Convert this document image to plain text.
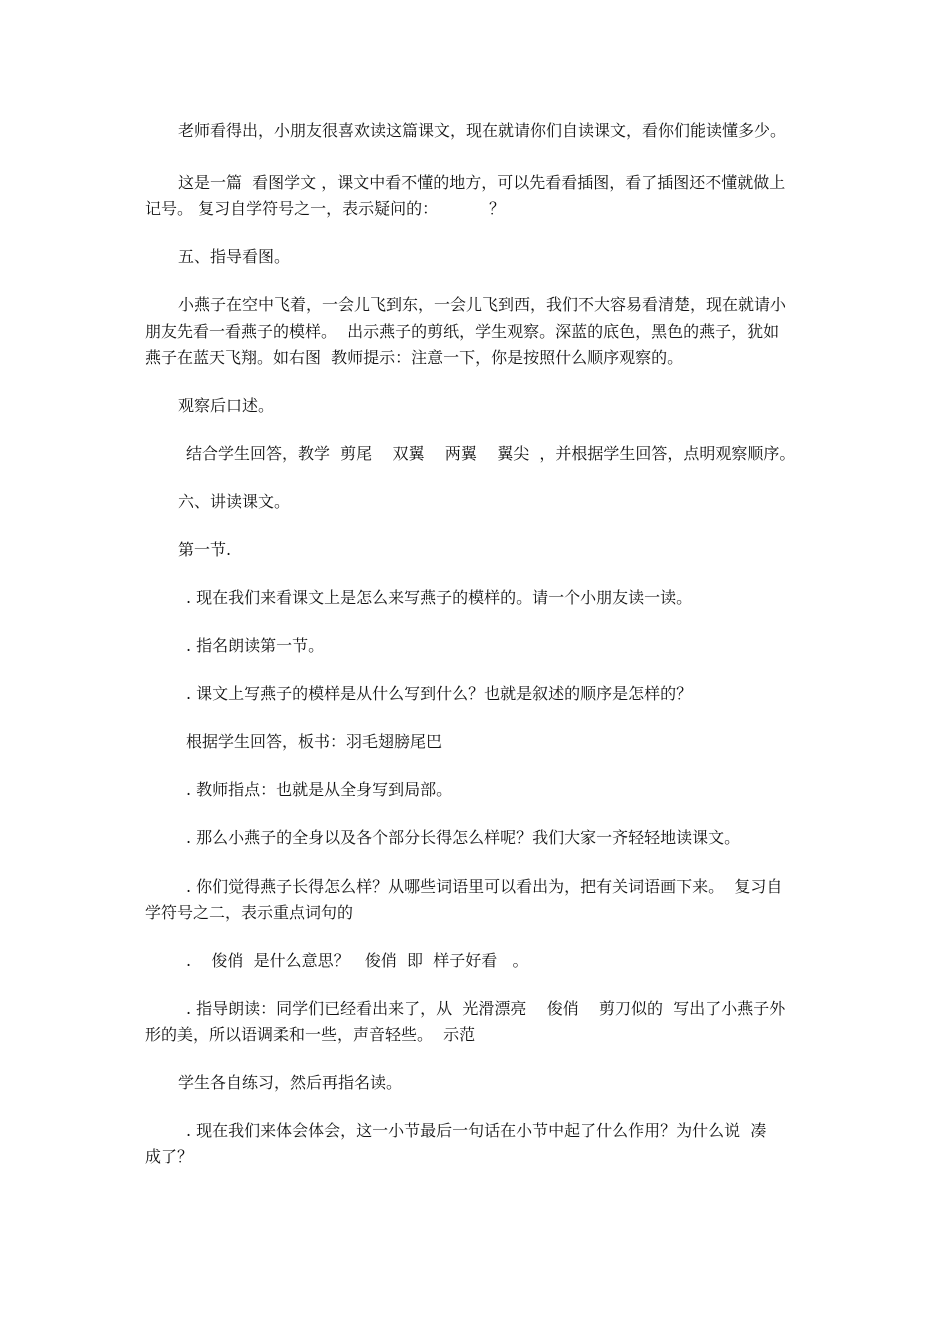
老师看得出，小朋友很喜欢读这篇课文，现在就请你们自读课文，看你们能读懂多少。
这是一篇  看图学文 ，课文中看不懂的地方，可以先看看插图，看了插图还不懂就做上
记号。 复习自学符号之一，表示疑问的：          ？
五、指导看图。
小燕子在空中飞着，一会儿飞到东，一会儿飞到西，我们不大容易看清楚，现在就请小
朋友先看一看燕子的模样。  出示燕子的剪纸，学生观察。深蓝的底色，黑色的燕子，犹如
燕子在蓝天飞翔。如右图  教师提示：注意一下，你是按照什么顺序观察的。
观察后口述。
结合学生回答，教学  剪尾    双翼    两翼    翼尖  ，并根据学生回答，点明观察顺序。
六、讲读课文。
第一节.
. 现在我们来看课文上是怎么来写燕子的模样的。请一个小朋友读一读。
. 指名朗读第一节。
. 课文上写燕子的模样是从什么写到什么？也就是叙述的顺序是怎样的？
根据学生回答，板书：羽毛翅膀尾巴
. 教师指点：也就是从全身写到局部。
. 那么小燕子的全身以及各个部分长得怎么样呢？我们大家一齐轻轻地读课文。
. 你们觉得燕子长得怎么样？从哪些词语里可以看出为，把有关词语画下来。  复习自
学符号之二，表示重点词句的
.    俊俏  是什么意思？   俊俏  即  样子好看   。
. 指导朗读：同学们已经看出来了，从  光滑漂亮    俊俏    剪刀似的  写出了小燕子外
形的美，所以语调柔和一些，声音轻些。  示范
学生各自练习，然后再指名读。
. 现在我们来体会体会，这一小节最后一句话在小节中起了什么作用？为什么说  凑
成了？
